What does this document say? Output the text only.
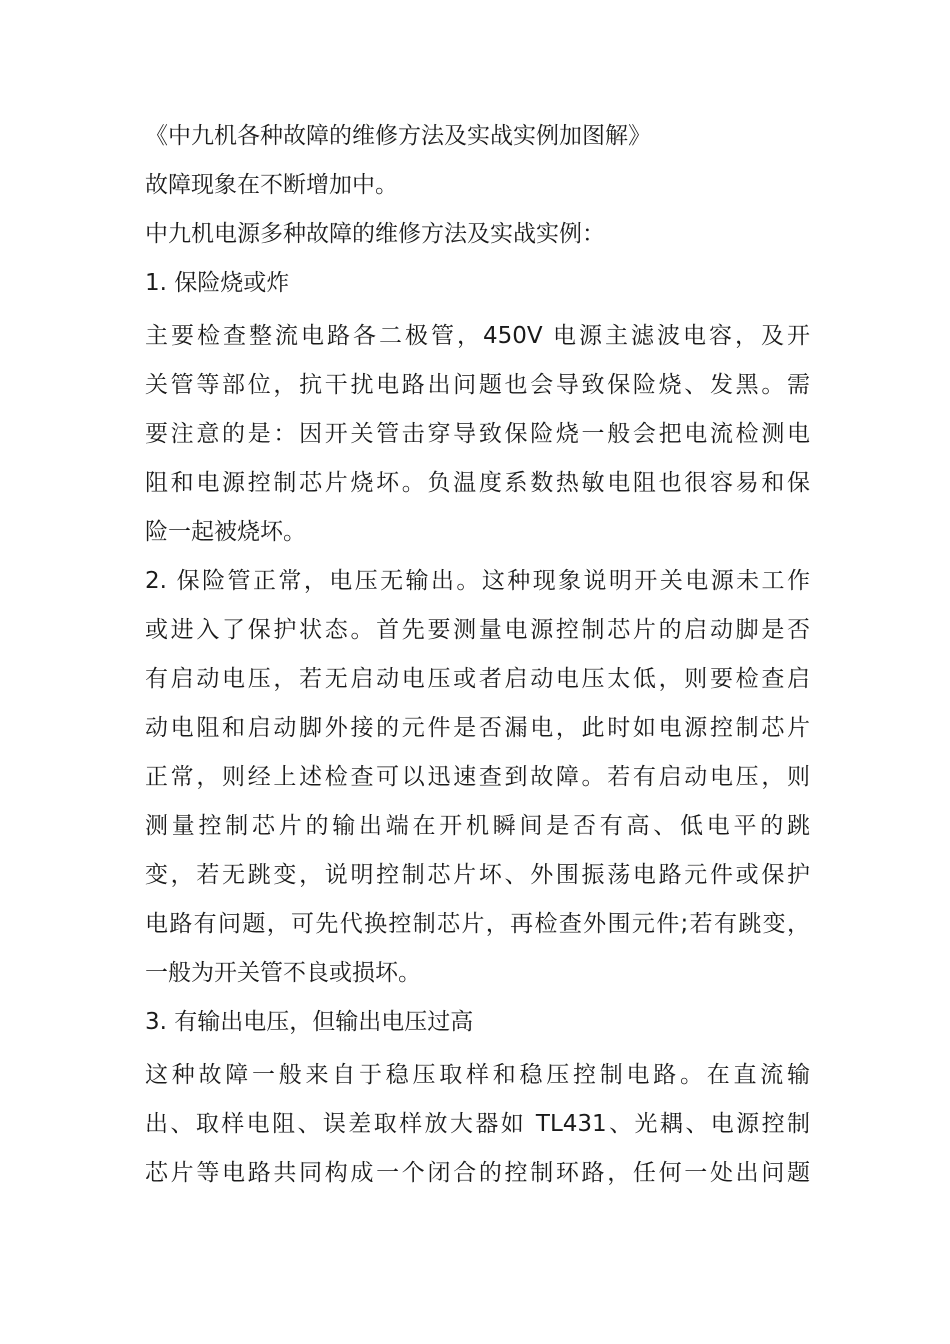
《中九机各种故障的维修方法及实战实例加图解》
故障现象在不断增加中。
中九机电源多种故障的维修方法及实战实例：
1. 保险烧或炸
主要检查整流电路各二极管，450V 电源主滤波电容，及开
关管等部位，抗干扰电路出问题也会导致保险烧、发黑。需
要注意的是：因开关管击穿导致保险烧一般会把电流检测电
阻和电源控制芯片烧坏。负温度系数热敏电阻也很容易和保
险一起被烧坏。
2. 保险管正常，电压无输出。这种现象说明开关电源未工作
或进入了保护状态。首先要测量电源控制芯片的启动脚是否
有启动电压，若无启动电压或者启动电压太低，则要检查启
动电阻和启动脚外接的元件是否漏电，此时如电源控制芯片
正常，则经上述检查可以迅速查到故障。若有启动电压，则
测量控制芯片的输出端在开机瞬间是否有高、低电平的跳
变，若无跳变，说明控制芯片坏、外围振荡电路元件或保护
电路有问题，可先代换控制芯片，再检查外围元件;若有跳变，
一般为开关管不良或损坏。
3. 有输出电压，但输出电压过高
这种故障一般来自于稳压取样和稳压控制电路。在直流输
出、取样电阻、误差取样放大器如 TL431、光耦、电源控制
芯片等电路共同构成一个闭合的控制环路，任何一处出问题
